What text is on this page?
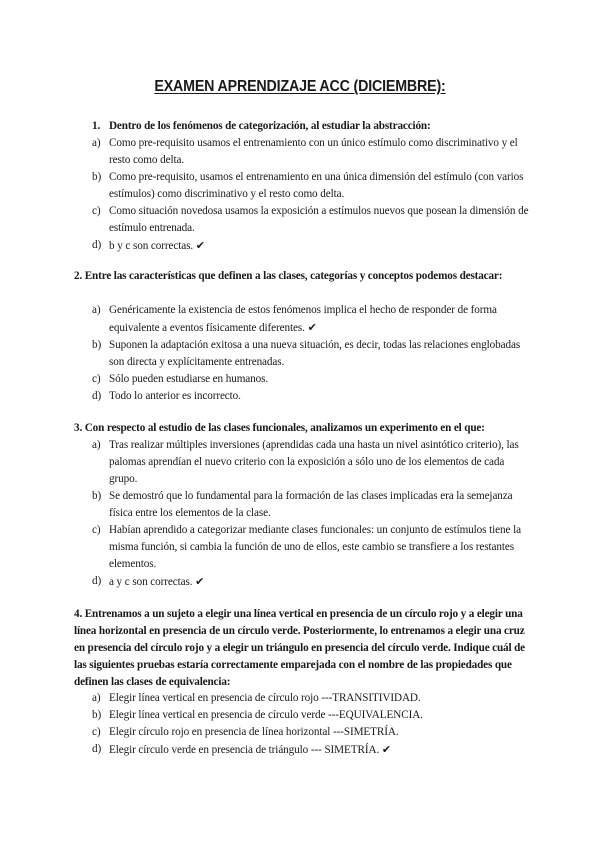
EXAMEN APRENDIZAJE ACC (DICIEMBRE):
1. Dentro de los fenómenos de categorización, al estudiar la abstracción:
a) Como pre-requisito usamos el entrenamiento con un único estímulo como discriminativo y el resto como delta.
b) Como pre-requisito, usamos el entrenamiento en una única dimensión del estímulo (con varios estímulos) como discriminativo y el resto como delta.
c) Como situación novedosa usamos la exposición a estímulos nuevos que posean la dimensión de estímulo entrenada.
d) b y c son correctas. ✔
2. Entre las características que definen a las clases, categorías y conceptos podemos destacar:
a) Genéricamente la existencia de estos fenómenos implica el hecho de responder de forma equivalente a eventos físicamente diferentes. ✔
b) Suponen la adaptación exitosa a una nueva situación, es decir, todas las relaciones englobadas son directa y explícitamente entrenadas.
c) Sólo pueden estudiarse en humanos.
d) Todo lo anterior es incorrecto.
3. Con respecto al estudio de las clases funcionales, analizamos un experimento en el que:
a) Tras realizar múltiples inversiones (aprendidas cada una hasta un nivel asintótico criterio), las palomas aprendían el nuevo criterio con la exposición a sólo uno de los elementos de cada grupo.
b) Se demostró que lo fundamental para la formación de las clases implicadas era la semejanza física entre los elementos de la clase.
c) Habían aprendido a categorizar mediante clases funcionales: un conjunto de estímulos tiene la misma función, si cambia la función de uno de ellos, este cambio se transfiere a los restantes elementos.
d) a y c son correctas. ✔
4. Entrenamos a un sujeto a elegir una línea vertical en presencia de un círculo rojo y a elegir una línea horizontal en presencia de un círculo verde. Posteriormente, lo entrenamos a elegir una cruz en presencia del círculo rojo y a elegir un triángulo en presencia del círculo verde. Indique cuál de las siguientes pruebas estaría correctamente emparejada con el nombre de las propiedades que definen las clases de equivalencia:
a) Elegir línea vertical en presencia de círculo rojo ---TRANSITIVIDAD.
b) Elegir línea vertical en presencia de círculo verde ---EQUIVALENCIA.
c) Elegir círculo rojo en presencia de línea horizontal ---SIMETRÍA.
d) Elegir círculo verde en presencia de triángulo --- SIMETRÍA. ✔
